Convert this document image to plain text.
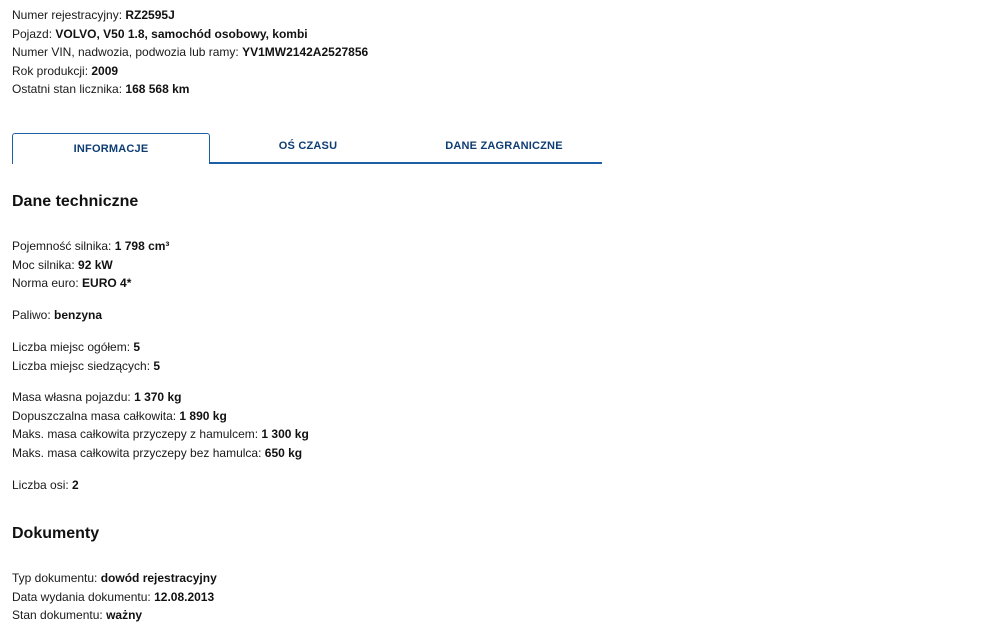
Numer rejestracyjny: RZ2595J
Pojazd: VOLVO, V50 1.8, samochód osobowy, kombi
Numer VIN, nadwozia, podwozia lub ramy: YV1MW2142A2527856
Rok produkcji: 2009
Ostatni stan licznika: 168 568 km
INFORMACJE	OŚ CZASU	DANE ZAGRANICZNE
Dane techniczne
Pojemność silnika: 1 798 cm³
Moc silnika: 92 kW
Norma euro: EURO 4*
Paliwo: benzyna
Liczba miejsc ogółem: 5
Liczba miejsc siedzących: 5
Masa własna pojazdu: 1 370 kg
Dopuszczalna masa całkowita: 1 890 kg
Maks. masa całkowita przyczepy z hamulcem: 1 300 kg
Maks. masa całkowita przyczepy bez hamulca: 650 kg
Liczba osi: 2
Dokumenty
Typ dokumentu: dowód rejestracyjny
Data wydania dokumentu: 12.08.2013
Stan dokumentu: ważny
